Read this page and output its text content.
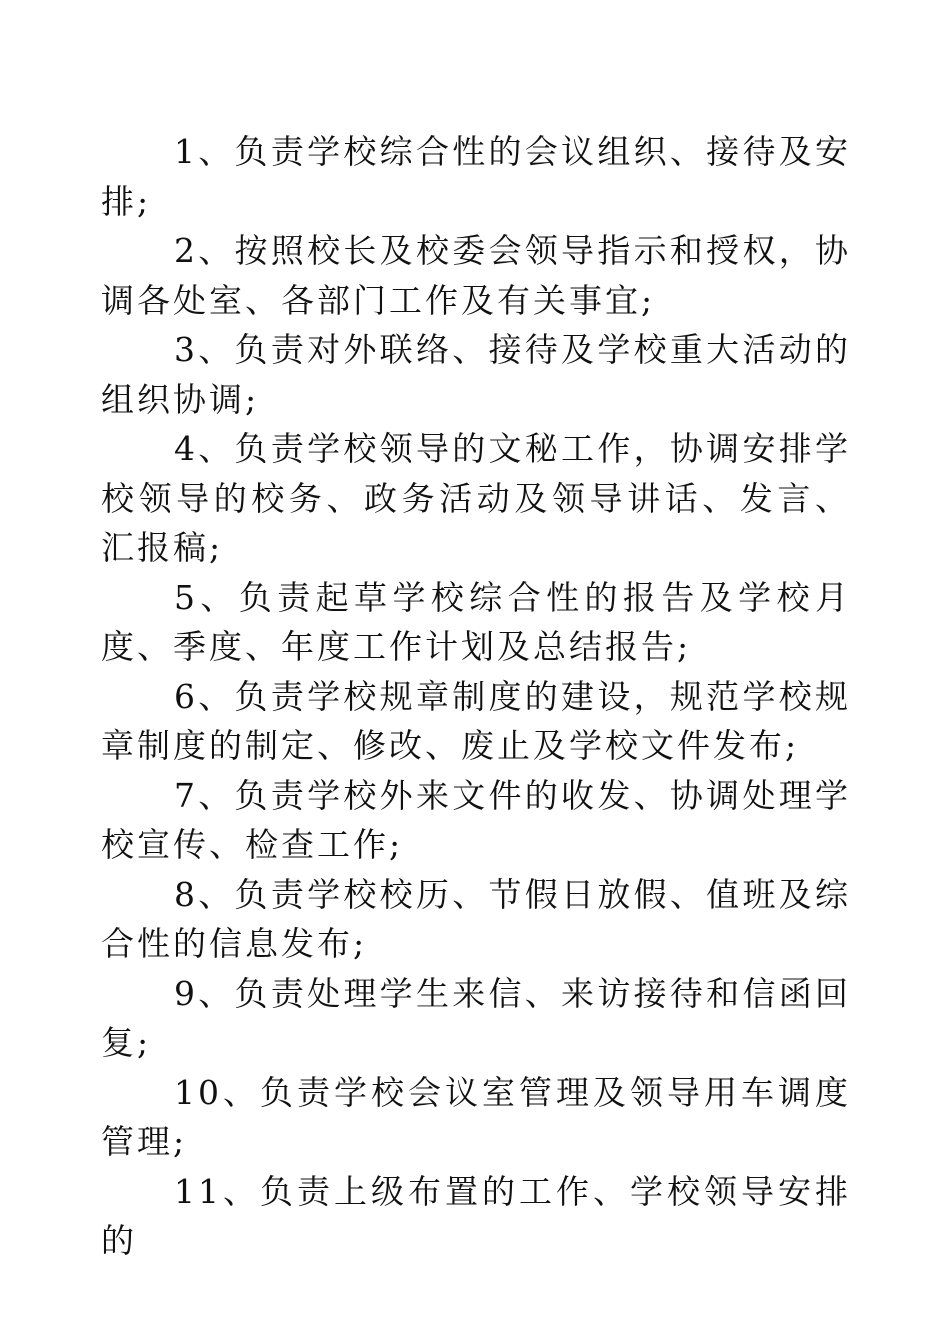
1、负责学校综合性的会议组织、接待及安排;

2、按照校长及校委会领导指示和授权，协调各处室、各部门工作及有关事宜;

3、负责对外联络、接待及学校重大活动的组织协调;

4、负责学校领导的文秘工作，协调安排学校领导的校务、政务活动及领导讲话、发言、汇报稿;

5、负责起草学校综合性的报告及学校月度、季度、年度工作计划及总结报告;

6、负责学校规章制度的建设，规范学校规章制度的制定、修改、废止及学校文件发布;

7、负责学校外来文件的收发、协调处理学校宣传、检查工作;

8、负责学校校历、节假日放假、值班及综合性的信息发布;

9、负责处理学生来信、来访接待和信函回复;

10、负责学校会议室管理及领导用车调度管理;

11、负责上级布置的工作、学校领导安排的
